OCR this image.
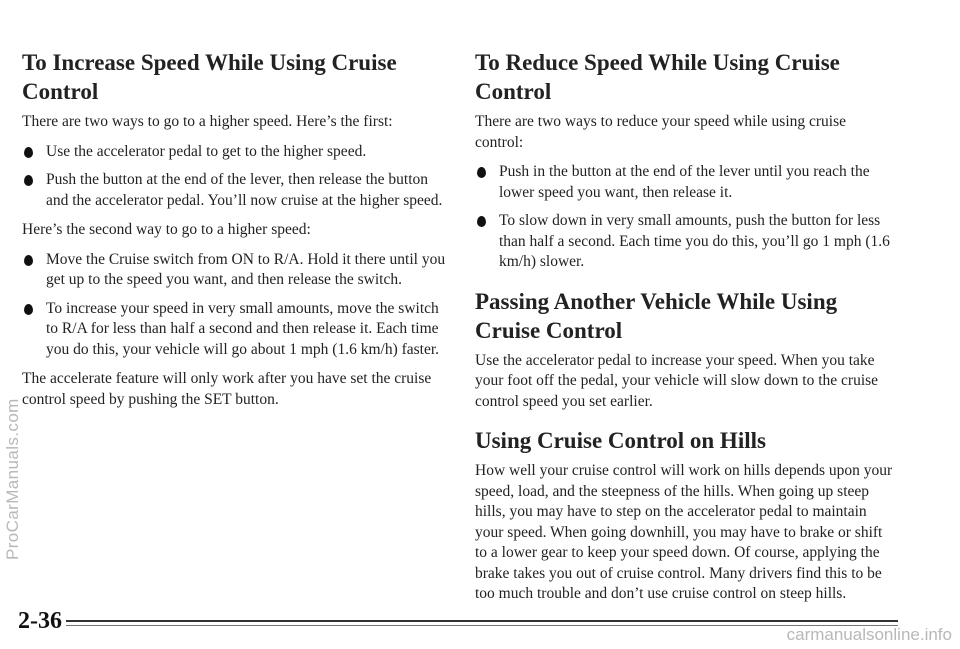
To Increase Speed While Using Cruise Control

There are two ways to go to a higher speed. Here’s the first:

Use the accelerator pedal to get to the higher speed.
Push the button at the end of the lever, then release the button and the accelerator pedal. You’ll now cruise at the higher speed.

Here’s the second way to go to a higher speed:

Move the Cruise switch from ON to R/A. Hold it there until you get up to the speed you want, and then release the switch.
To increase your speed in very small amounts, move the switch to R/A for less than half a second and then release it. Each time you do this, your vehicle will go about 1 mph (1.6 km/h) faster.

The accelerate feature will only work after you have set the cruise control speed by pushing the SET button.

To Reduce Speed While Using Cruise Control

There are two ways to reduce your speed while using cruise control:

Push in the button at the end of the lever until you reach the lower speed you want, then release it.
To slow down in very small amounts, push the button for less than half a second. Each time you do this, you’ll go 1 mph (1.6 km/h) slower.
Passing Another Vehicle While Using Cruise Control

Use the accelerator pedal to increase your speed. When you take your foot off the pedal, your vehicle will slow down to the cruise control speed you set earlier.

Using Cruise Control on Hills

How well your cruise control will work on hills depends upon your speed, load, and the steepness of the hills. When going up steep hills, you may have to step on the accelerator pedal to maintain your speed. When going downhill, you may have to brake or shift to a lower gear to keep your speed down. Of course, applying the brake takes you out of cruise control. Many drivers find this to be too much trouble and don’t use cruise control on steep hills.

2-36
ProCarManuals.com
carmanualsonline.info
